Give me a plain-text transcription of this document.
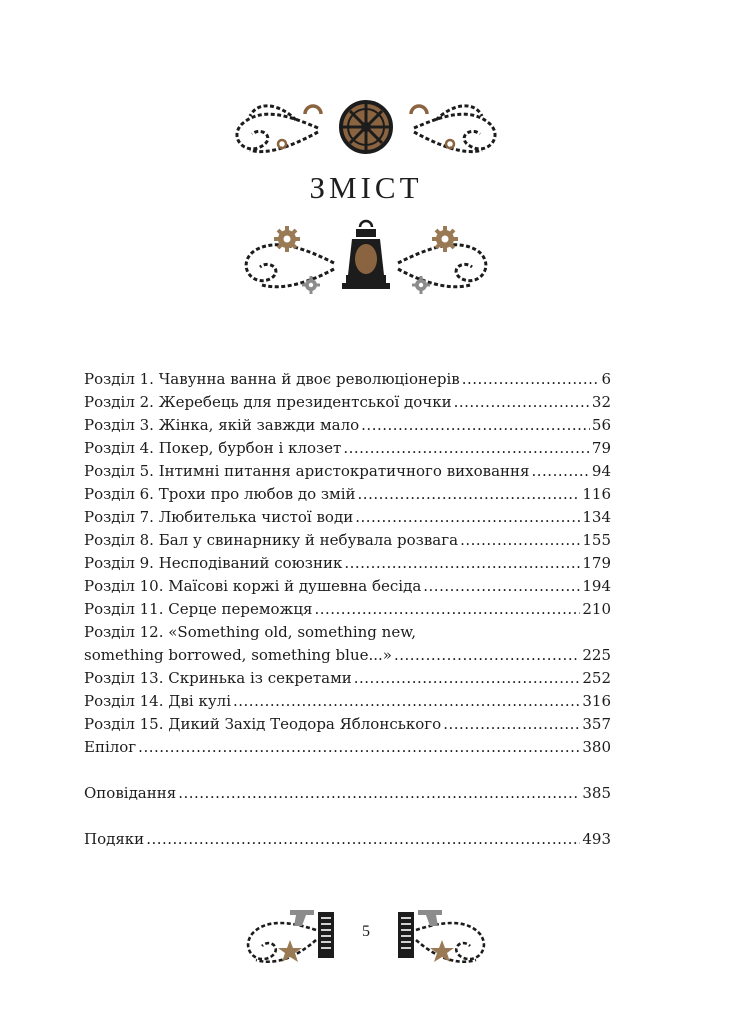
ЗМІСТ
Розділ 1. Чавунна ванна й двоє революціонерів .....	6
Розділ 2. Жеребець для президентської дочки .....	32
Розділ 3. Жінка, якій завжди мало .....	56
Розділ 4. Покер, бурбон і клозет .....	79
Розділ 5. Інтимні питання аристократичного виховання .....	94
Розділ 6. Трохи про любов до змій .....	116
Розділ 7. Любителька чистої води .....	134
Розділ 8. Бал у свинарнику й небувала розвага .....	155
Розділ 9. Несподіваний союзник .....	179
Розділ 10. Маїсові коржі й душевна бесіда .....	194
Розділ 11. Серце переможця .....	210
Розділ 12. «Something old, something new,
something borrowed, something blue...» .....	225
Розділ 13. Скринька із секретами .....	252
Розділ 14. Дві кулі .....	316
Розділ 15. Дикий Захід Теодора Яблонського .....	357
Епілог .....	380
Оповідання .....	385
Подяки .....	493
5
